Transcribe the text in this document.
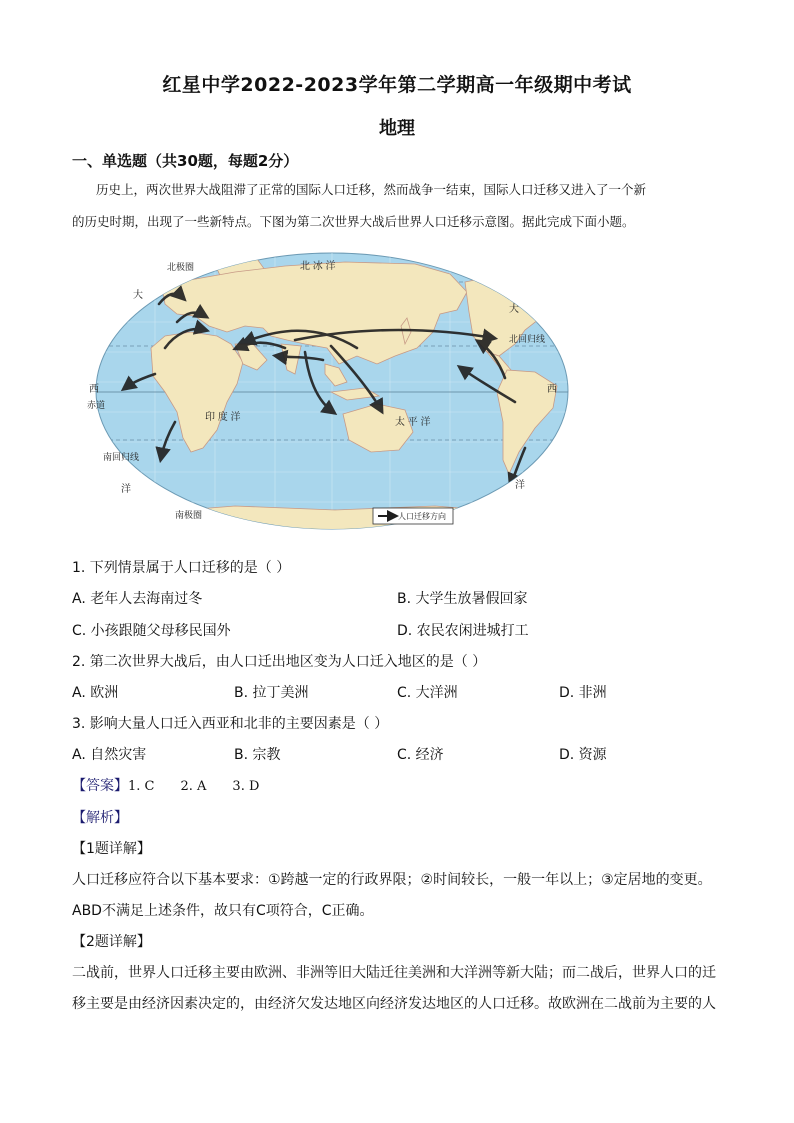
红星中学2022-2023学年第二学期高一年级期中考试
地理
一、单选题（共30题，每题2分）
历史上，两次世界大战阻滞了正常的国际人口迁移，然而战争一结束，国际人口迁移又进入了一个新
的历史时期，出现了一些新特点。下图为第二次世界大战后世界人口迁移示意图。据此完成下面小题。
北极圈	北 冰 洋
大
大
北回归线
西
赤道
西
印 度 洋	太 平 洋
南回归线
洋	洋
南极圈	人口迁移方向
1. 下列情景属于人口迁移的是（ ）
A. 老年人去海南过冬	B. 大学生放暑假回家
C. 小孩跟随父母移民国外	D. 农民农闲进城打工
2. 第二次世界大战后，由人口迁出地区变为人口迁入地区的是（ ）
A. 欧洲	B. 拉丁美洲	C. 大洋洲	D. 非洲
3. 影响大量人口迁入西亚和北非的主要因素是（ ）
A. 自然灾害	B. 宗教	C. 经济	D. 资源
【答案】1. C 2. A 3. D
【解析】
【1题详解】
人口迁移应符合以下基本要求：①跨越一定的行政界限；②时间较长，一般一年以上；③定居地的变更。
ABD不满足上述条件，故只有C项符合，C正确。
【2题详解】
二战前，世界人口迁移主要由欧洲、非洲等旧大陆迁往美洲和大洋洲等新大陆；而二战后，世界人口的迁
移主要是由经济因素决定的，由经济欠发达地区向经济发达地区的人口迁移。故欧洲在二战前为主要的人
